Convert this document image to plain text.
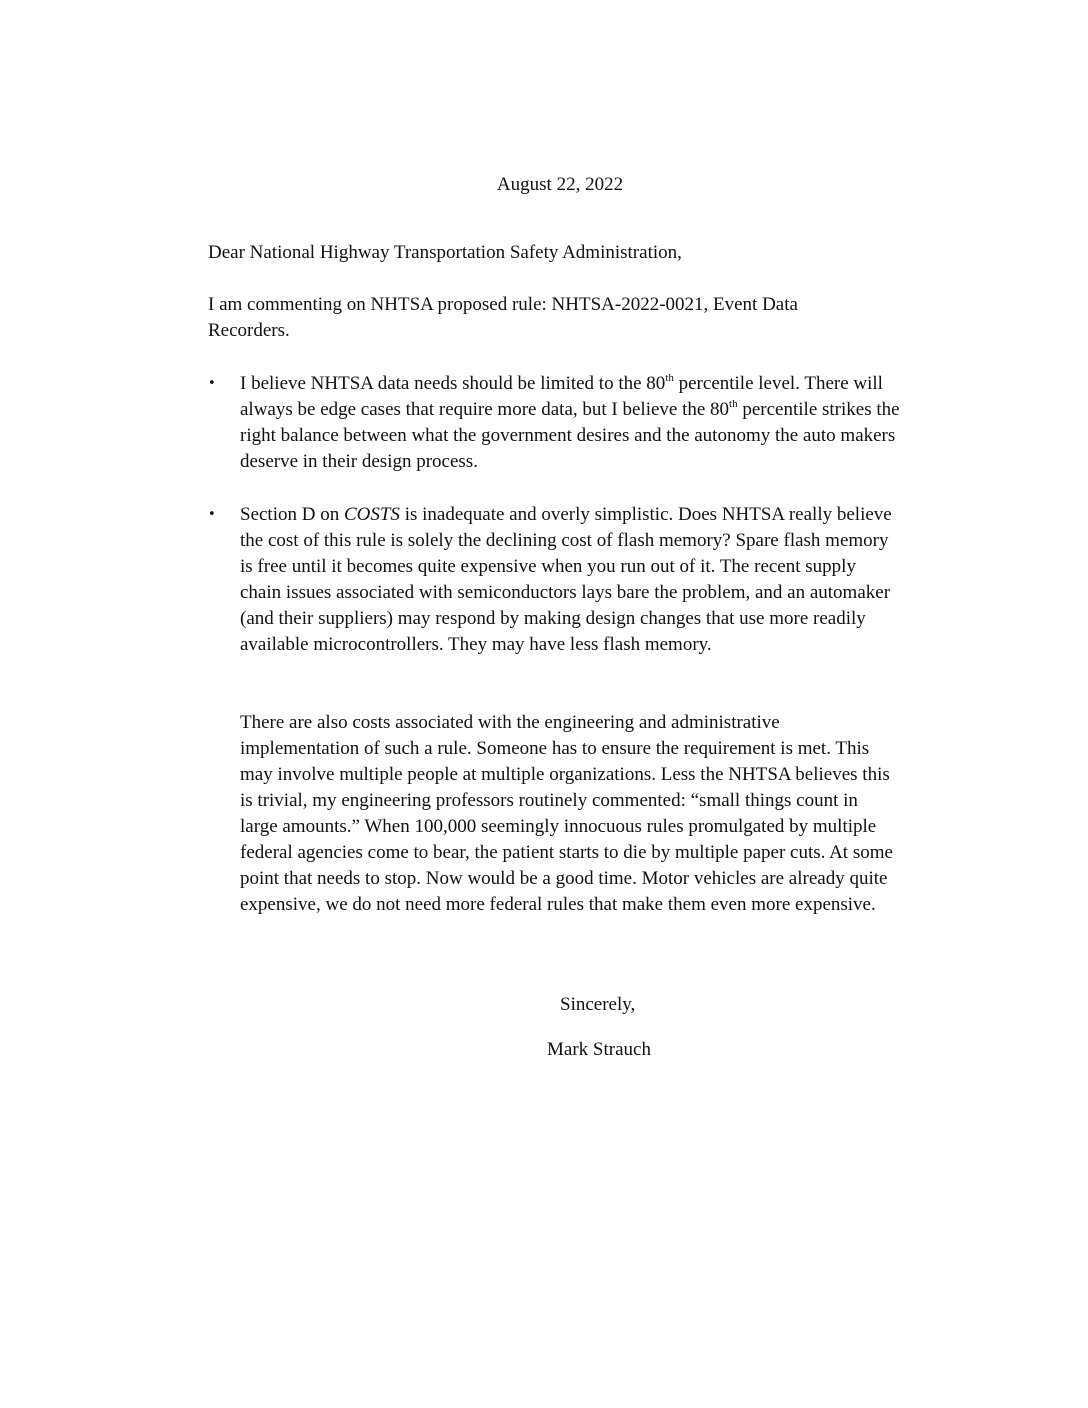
August 22, 2022

Dear National Highway Transportation Safety Administration,

I am commenting on NHTSA proposed rule: NHTSA-2022-0021, Event Data Recorders.

•	I believe NHTSA data needs should be limited to the 80th percentile level. There will always be edge cases that require more data, but I believe the 80th percentile strikes the right balance between what the government desires and the autonomy the auto makers deserve in their design process.

•	Section D on COSTS is inadequate and overly simplistic. Does NHTSA really believe the cost of this rule is solely the declining cost of flash memory? Spare flash memory is free until it becomes quite expensive when you run out of it. The recent supply chain issues associated with semiconductors lays bare the problem, and an automaker (and their suppliers) may respond by making design changes that use more readily available microcontrollers. They may have less flash memory.

There are also costs associated with the engineering and administrative implementation of such a rule. Someone has to ensure the requirement is met. This may involve multiple people at multiple organizations. Less the NHTSA believes this is trivial, my engineering professors routinely commented: “small things count in large amounts.” When 100,000 seemingly innocuous rules promulgated by multiple federal agencies come to bear, the patient starts to die by multiple paper cuts. At some point that needs to stop. Now would be a good time. Motor vehicles are already quite expensive, we do not need more federal rules that make them even more expensive.

Sincerely,

Mark Strauch
